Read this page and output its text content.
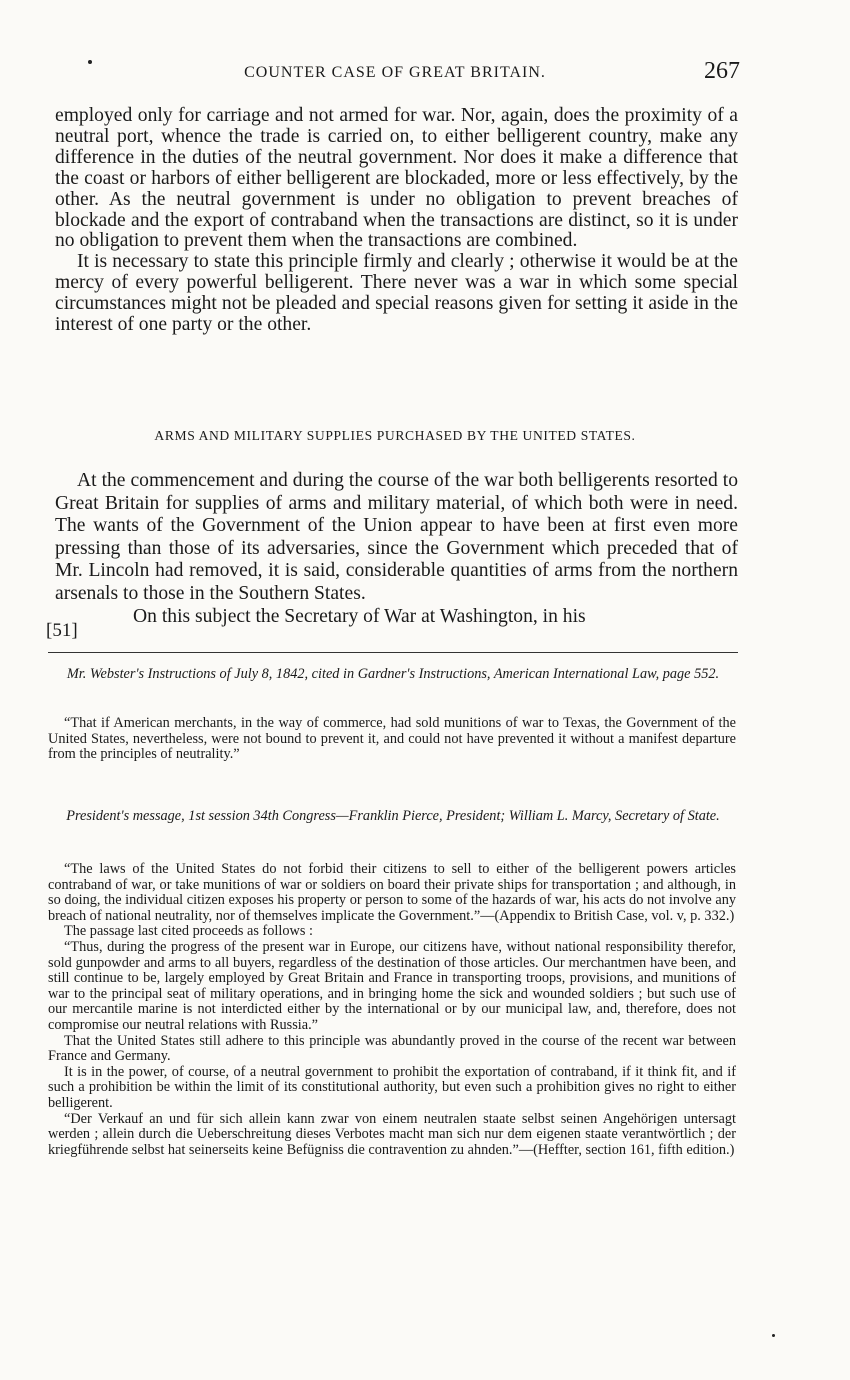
COUNTER CASE OF GREAT BRITAIN.	267

employed only for carriage and not armed for war. Nor, again, does the proximity of a neutral port, whence the trade is carried on, to either belligerent country, make any difference in the duties of the neutral government. Nor does it make a difference that the coast or harbors of either belligerent are blockaded, more or less effectively, by the other. As the neutral government is under no obligation to prevent breaches of blockade and the export of contraband when the transactions are distinct, so it is under no obligation to prevent them when the transactions are combined.

It is necessary to state this principle firmly and clearly ; otherwise it would be at the mercy of every powerful belligerent. There never was a war in which some special circumstances might not be pleaded and special reasons given for setting it aside in the interest of one party or the other.

ARMS AND MILITARY SUPPLIES PURCHASED BY THE UNITED STATES.

At the commencement and during the course of the war both belligerents resorted to Great Britain for supplies of arms and military material, of which both were in need. The wants of the Government of the Union appear to have been at first even more pressing than those of its adversaries, since the Government which preceded that of Mr. Lincoln had removed, it is said, considerable quantities of arms from the northern arsenals to those in the Southern States.

On this subject the Secretary of War at Washington, in his

[51]
Mr. Webster's Instructions of July 8, 1842, cited in Gardner's Instructions, American International Law, page 552.

“That if American merchants, in the way of commerce, had sold munitions of war to Texas, the Government of the United States, nevertheless, were not bound to prevent it, and could not have prevented it without a manifest departure from the principles of neutrality.”

President's message, 1st session 34th Congress—Franklin Pierce, President; William L. Marcy, Secretary of State.

“The laws of the United States do not forbid their citizens to sell to either of the belligerent powers articles contraband of war, or take munitions of war or soldiers on board their private ships for transportation ; and although, in so doing, the individual citizen exposes his property or person to some of the hazards of war, his acts do not involve any breach of national neutrality, nor of themselves implicate the Government.”—(Appendix to British Case, vol. v, p. 332.)

The passage last cited proceeds as follows :

“Thus, during the progress of the present war in Europe, our citizens have, without national responsibility therefor, sold gunpowder and arms to all buyers, regardless of the destination of those articles. Our merchantmen have been, and still continue to be, largely employed by Great Britain and France in transporting troops, provisions, and munitions of war to the principal seat of military operations, and in bringing home the sick and wounded soldiers ; but such use of our mercantile marine is not interdicted either by the international or by our municipal law, and, therefore, does not compromise our neutral relations with Russia.”

That the United States still adhere to this principle was abundantly proved in the course of the recent war between France and Germany.

It is in the power, of course, of a neutral government to prohibit the exportation of contraband, if it think fit, and if such a prohibition be within the limit of its constitutional authority, but even such a prohibition gives no right to either belligerent.

“Der Verkauf an und für sich allein kann zwar von einem neutralen staate selbst seinen Angehörigen untersagt werden ; allein durch die Ueberschreitung dieses Verbotes macht man sich nur dem eigenen staate verantwörtlich ; der kriegführende selbst hat seinerseits keine Befügniss die contravention zu ahnden.”—(Heffter, section 161, fifth edition.)
